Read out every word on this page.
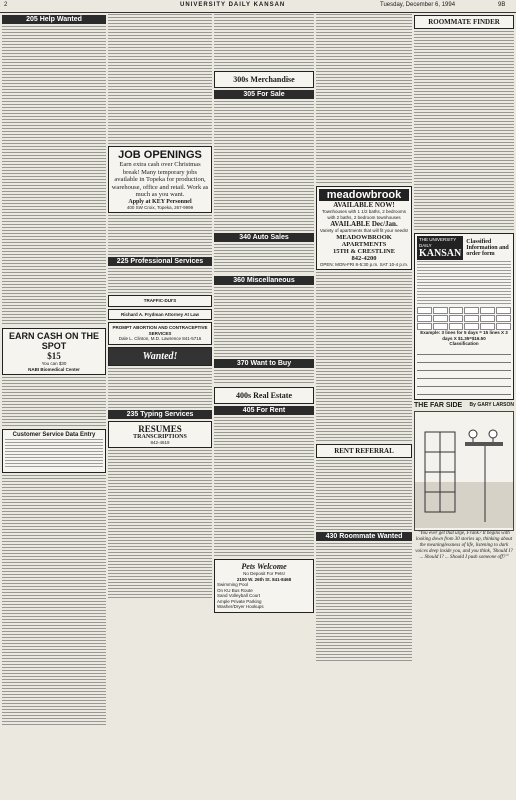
2	UNIVERSITY DAILY KANSAN	Tuesday, December 6, 1994	9B
205 Help Wanted
EARN CASH ON THE SPOT
$15
You can $30
NABI Biomedical Center
Customer Service Data Entry
JOB OPENINGS
Earn extra cash over Christmas break! Many temporary jobs available in Topeka for production, warehouse, office and retail. Work as much as you want.
Apply at KEY Personnel
400 SW Croix, Topeka, 267-9999
225 Professional Services
TRAFFIC-DUI'S
Richard A. Frydman Attorney At Law
PROMPT ABORTION AND CONTRACEPTIVE SERVICES
Dale L. Clinton, M.D. Lawrence 841-5716
Wanted!
235 Typing Services
RESUMES
TRANSCRIPTIONS
842-4619
300s Merchandise
305 For Sale
340 Auto Sales
360 Miscellaneous
370 Want to Buy
400s Real Estate
405 For Rent
Pets Welcome
No Deposit For Pets!
2100 W. 26th St. 841-8468
Swimming Pool
On KU Bus Route
Sand Volleyball Court
Ample Private Parking
Washer/Dryer Hookups
meadowbrook
AVAILABLE NOW!
Townhouses with 1 1/2 baths, 2 bedrooms with 2 baths, 2 bedroom townhouses
AVAILABLE Dec/Jan.
Variety of apartments that will fit your needs!
MEADOWBROOK APARTMENTS
15TH & CRESTLINE
842-4200
OPEN: MON-FRI 8-5:30 p.m. SAT 10-4 p.m.
RENT REFERRAL
430 Roommate Wanted
ROOMMATE FINDER
THE UNIVERSITY DAILY
KANSAN
Classified Information and order form
Example: 3 lines for 5 days = 15 lines X 3 days X $1.35=$16.50
Classification
THE FAR SIDE By GARY LARSON
"You ever get that urge, Frank? It begins with looking down from 30 stories up, thinking about the meaninglessness of life, listening to dark voices deep inside you, and you think, 'Should I? ... Should I? ... Should I push someone off?'"
